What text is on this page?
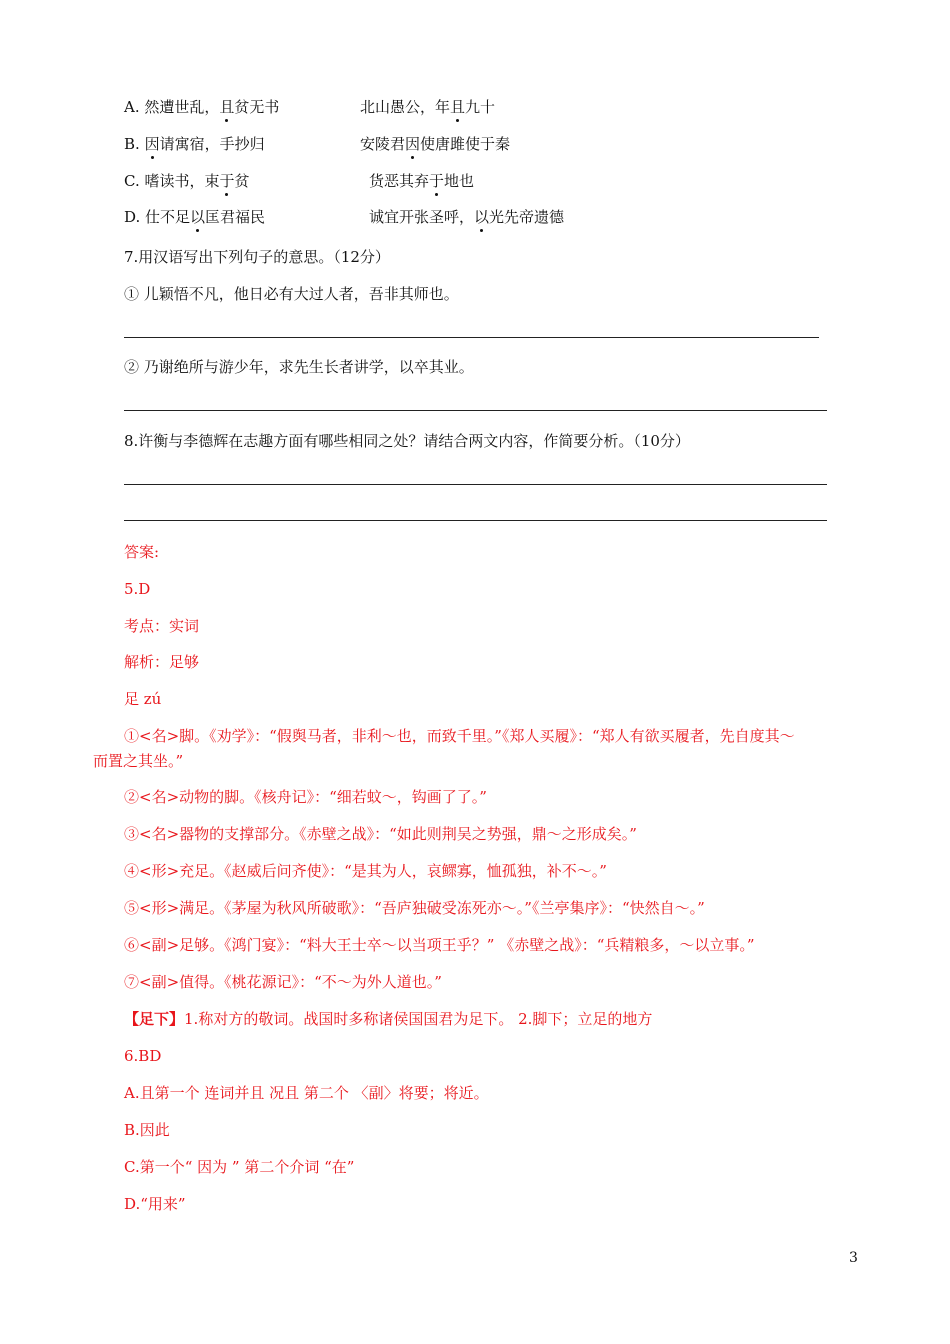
A. 然遭世乱，且贫无书	北山愚公，年且九十
B. 因请寓宿，手抄归	安陵君因使唐雎使于秦
C. 嗜读书，束于贫	货恶其弃于地也
D. 仕不足以匡君福民	诚宜开张圣呼，以光先帝遗德
7.用汉语写出下列句子的意思。（12分）
① 儿颖悟不凡，他日必有大过人者，吾非其师也。
② 乃谢绝所与游少年，求先生长者讲学，以卒其业。
8.许衡与李德辉在志趣方面有哪些相同之处？请结合两文内容，作简要分析。（10分）
答案:
5.D
考点：实词
解析：足够
足 zú
①<名>脚。《劝学》：“假舆马者，非利～也，而致千里。”《郑人买履》：“郑人有欲买履者，先自度其～
而置之其坐。”
②<名>动物的脚。《核舟记》：“细若蚊～，钩画了了。”
③<名>器物的支撑部分。《赤壁之战》：“如此则荆吴之势强，鼎～之形成矣。”
④<形>充足。《赵威后问齐使》：“是其为人，哀鳏寡，恤孤独，补不～。”
⑤<形>满足。《茅屋为秋风所破歌》：“吾庐独破受冻死亦～。”《兰亭集序》：“快然自～。”
⑥<副>足够。《鸿门宴》：“料大王士卒～以当项王乎？” 《赤壁之战》：“兵精粮多，～以立事。”
⑦<副>值得。《桃花源记》：“不～为外人道也。”
【足下】1.称对方的敬词。战国时多称诸侯国国君为足下。 2.脚下；立足的地方
6.BD
A.且第一个 连词并且 况且 第二个 〈副〉将要；将近。
B.因此
C.第一个“ 因为 ” 第二个介词 “在”
D.“用来”
3
